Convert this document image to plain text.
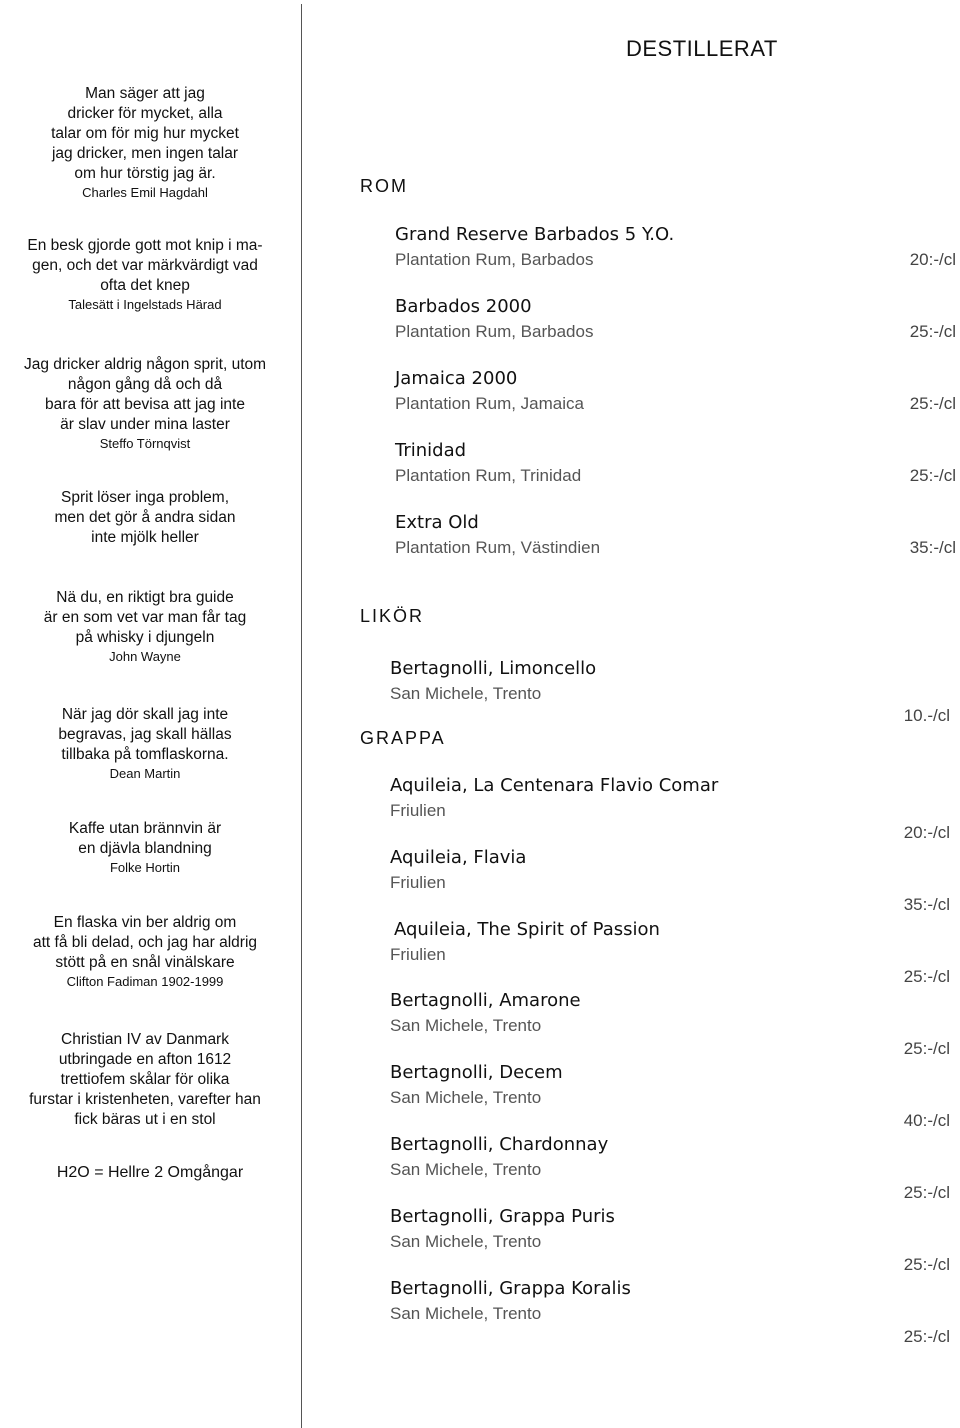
Man säger att jag
dricker för mycket, alla
talar om för mig hur mycket
jag dricker, men ingen talar
om hur törstig jag är.
Charles Emil Hagdahl
En besk gjorde gott mot knip i ma-
gen, och det var märkvärdigt vad
ofta det knep
Talesätt i Ingelstads Härad
Jag dricker aldrig någon sprit, utom
någon gång då och då
bara för att bevisa att jag inte
är slav under mina laster
Steffo Törnqvist
Sprit löser inga problem,
men det gör å andra sidan
inte mjölk heller
Nä du, en riktigt bra guide
är en som vet var man får tag
på whisky i djungeln
John Wayne
När jag dör skall jag inte
begravas, jag skall hällas
tillbaka på tomflaskorna.
Dean Martin
Kaffe utan brännvin är
en djävla blandning
Folke Hortin
En flaska vin ber aldrig om
att få bli delad, och jag har aldrig
stött på en snål vinälskare
Clifton Fadiman 1902-1999
Christian IV av Danmark
utbringade en afton 1612
trettiofem skålar för olika
furstar i kristenheten, varefter han
fick bäras ut i en stol
H2O = Hellre 2 Omgångar
DESTILLERAT
ROM
Grand Reserve Barbados 5 Y.O.
Plantation Rum, Barbados	20:-/cl
Barbados 2000
Plantation Rum, Barbados	25:-/cl
Jamaica 2000
Plantation Rum, Jamaica	25:-/cl
Trinidad
Plantation Rum, Trinidad	25:-/cl
Extra Old
Plantation Rum, Västindien	35:-/cl
LIKÖR
Bertagnolli, Limoncello
San Michele, Trento
10.-/cl
GRAPPA
Aquileia, La Centenara Flavio Comar
Friulien
20:-/cl
Aquileia, Flavia
Friulien
35:-/cl
Aquileia, The Spirit of Passion
Friulien
25:-/cl
Bertagnolli, Amarone
San Michele, Trento
25:-/cl
Bertagnolli, Decem
San Michele, Trento
40:-/cl
Bertagnolli, Chardonnay
San Michele, Trento
25:-/cl
Bertagnolli, Grappa Puris
San Michele, Trento
25:-/cl
Bertagnolli, Grappa Koralis
San Michele, Trento
25:-/cl
